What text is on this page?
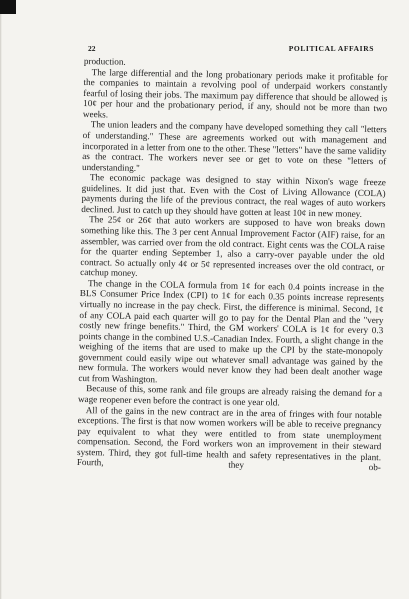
22	POLITICAL AFFAIRS

production.

The large differential and the long probationary periods make it profitable for the companies to maintain a revolving pool of underpaid workers constantly fearful of losing their jobs. The maximum pay difference that should be allowed is 10¢ per hour and the probationary period, if any, should not be more than two weeks.

The union leaders and the company have developed something they call "letters of understanding." These are agreements worked out with management and incorporated in a letter from one to the other. These "letters" have the same validity as the contract. The workers never see or get to vote on these "letters of understanding."

The economic package was designed to stay within Nixon's wage freeze guidelines. It did just that. Even with the Cost of Living Allowance (COLA) payments during the life of the previous contract, the real wages of auto workers declined. Just to catch up they should have gotten at least 10¢ in new money.

The 25¢ or 26¢ that auto workers are supposed to have won breaks down something like this. The 3 per cent Annual Improvement Factor (AIF) raise, for an assembler, was carried over from the old contract. Eight cents was the COLA raise for the quarter ending September 1, also a carry-over payable under the old contract. So actually only 4¢ or 5¢ represented increases over the old contract, or catchup money.

The change in the COLA formula from 1¢ for each 0.4 points increase in the BLS Consumer Price Index (CPI) to 1¢ for each 0.35 points increase represents virtually no increase in the pay check. First, the difference is minimal. Second, 1¢ of any COLA paid each quarter will go to pay for the Dental Plan and the "very costly new fringe benefits." Third, the GM workers' COLA is 1¢ for every 0.3 points change in the combined U.S.-Canadian Index. Fourth, a slight change in the weighing of the items that are used to make up the CPI by the state-monopoly government could easily wipe out whatever small advantage was gained by the new formula. The workers would never know they had been dealt another wage cut from Washington.

Because of this, some rank and file groups are already raising the demand for a wage reopener even before the contract is one year old.

All of the gains in the new contract are in the area of fringes with four notable exceptions. The first is that now women workers will be able to receive pregnancy pay equivalent to what they were entitled to from state unemployment compensation. Second, the Ford workers won an improvement in their steward system. Third, they got full-time health and safety representatives in the plant. Fourth, they ob-
